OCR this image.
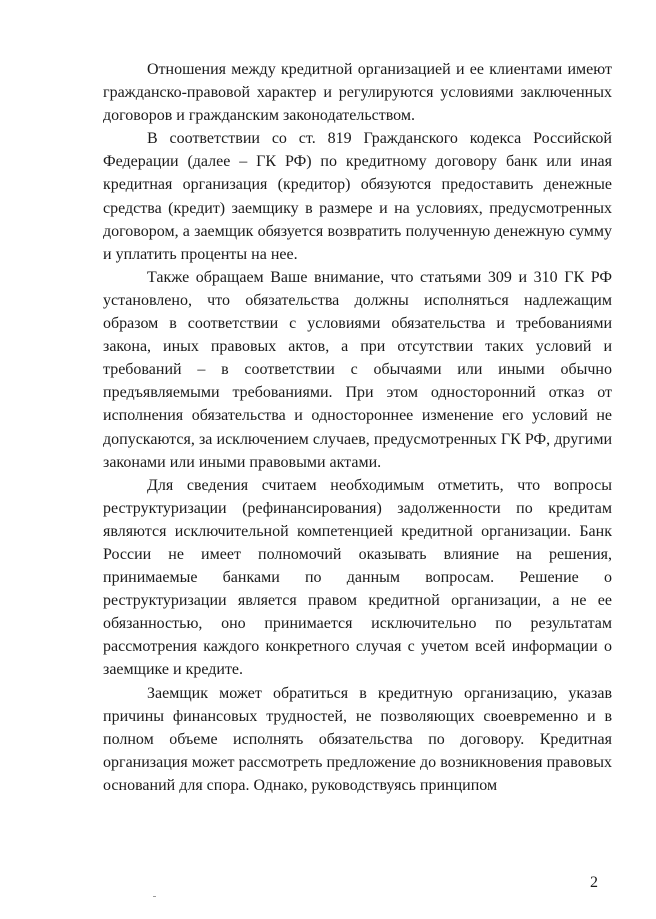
Отношения между кредитной организацией и ее клиентами имеют гражданско-правовой характер и регулируются условиями заключенных договоров и гражданским законодательством.

В соответствии со ст. 819 Гражданского кодекса Российской Федерации (далее – ГК РФ) по кредитному договору банк или иная кредитная организация (кредитор) обязуются предоставить денежные средства (кредит) заемщику в размере и на условиях, предусмотренных договором, а заемщик обязуется возвратить полученную денежную сумму и уплатить проценты на нее.

Также обращаем Ваше внимание, что статьями 309 и 310 ГК РФ установлено, что обязательства должны исполняться надлежащим образом в соответствии с условиями обязательства и требованиями закона, иных правовых актов, а при отсутствии таких условий и требований – в соответствии с обычаями или иными обычно предъявляемыми требованиями. При этом односторонний отказ от исполнения обязательства и одностороннее изменение его условий не допускаются, за исключением случаев, предусмотренных ГК РФ, другими законами или иными правовыми актами.

Для сведения считаем необходимым отметить, что вопросы реструктуризации (рефинансирования) задолженности по кредитам являются исключительной компетенцией кредитной организации. Банк России не имеет полномочий оказывать влияние на решения, принимаемые банками по данным вопросам. Решение о реструктуризации является правом кредитной организации, а не ее обязанностью, оно принимается исключительно по результатам рассмотрения каждого конкретного случая с учетом всей информации о заемщике и кредите.

Заемщик может обратиться в кредитную организацию, указав причины финансовых трудностей, не позволяющих своевременно и в полном объеме исполнять обязательства по договору. Кредитная организация может рассмотреть предложение до возникновения правовых оснований для спора. Однако, руководствуясь принципом

2
